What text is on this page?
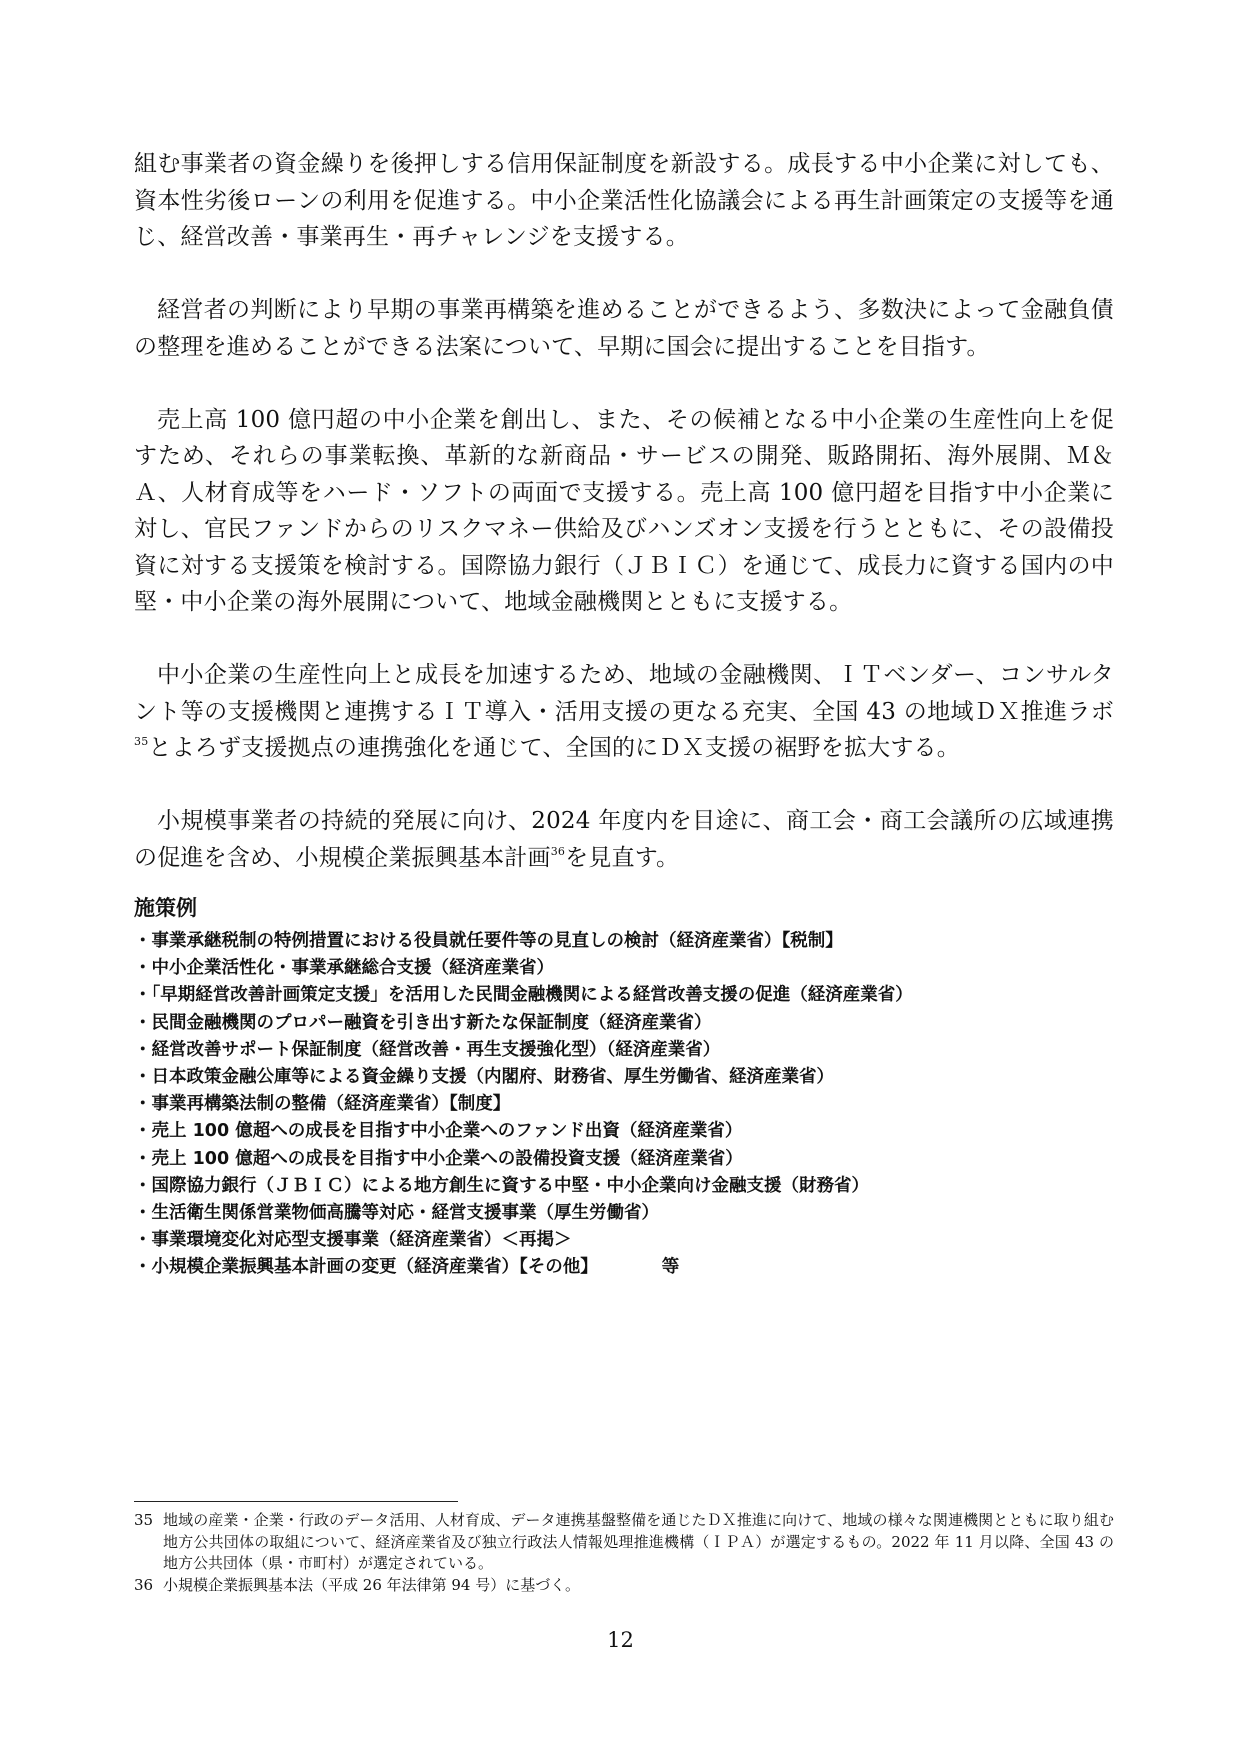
組む事業者の資金繰りを後押しする信用保証制度を新設する。成長する中小企業に対しても、資本性劣後ローンの利用を促進する。中小企業活性化協議会による再生計画策定の支援等を通じ、経営改善・事業再生・再チャレンジを支援する。

経営者の判断により早期の事業再構築を進めることができるよう、多数決によって金融負債の整理を進めることができる法案について、早期に国会に提出することを目指す。

売上高 100 億円超の中小企業を創出し、また、その候補となる中小企業の生産性向上を促すため、それらの事業転換、革新的な新商品・サービスの開発、販路開拓、海外展開、Ｍ＆Ａ、人材育成等をハード・ソフトの両面で支援する。売上高 100 億円超を目指す中小企業に対し、官民ファンドからのリスクマネー供給及びハンズオン支援を行うとともに、その設備投資に対する支援策を検討する。国際協力銀行（ＪＢＩＣ）を通じて、成長力に資する国内の中堅・中小企業の海外展開について、地域金融機関とともに支援する。

中小企業の生産性向上と成長を加速するため、地域の金融機関、ＩＴベンダー、コンサルタント等の支援機関と連携するＩＴ導入・活用支援の更なる充実、全国 43 の地域ＤＸ推進ラボ$^{35}$とよろず支援拠点の連携強化を通じて、全国的にＤＸ支援の裾野を拡大する。

小規模事業者の持続的発展に向け、2024 年度内を目途に、商工会・商工会議所の広域連携の促進を含め、小規模企業振興基本計画$^{36}$を見直す。

施策例
・事業承継税制の特例措置における役員就任要件等の見直しの検討（経済産業省）【税制】
・中小企業活性化・事業承継総合支援（経済産業省）
・「早期経営改善計画策定支援」を活用した民間金融機関による経営改善支援の促進（経済産業省）
・民間金融機関のプロパー融資を引き出す新たな保証制度（経済産業省）
・経営改善サポート保証制度（経営改善・再生支援強化型）（経済産業省）
・日本政策金融公庫等による資金繰り支援（内閣府、財務省、厚生労働省、経済産業省）
・事業再構築法制の整備（経済産業省）【制度】
・売上 100 億超への成長を目指す中小企業へのファンド出資（経済産業省）
・売上 100 億超への成長を目指す中小企業への設備投資支援（経済産業省）
・国際協力銀行（ＪＢＩＣ）による地方創生に資する中堅・中小企業向け金融支援（財務省）
・生活衛生関係営業物価高騰等対応・経営支援事業（厚生労働省）
・事業環境変化対応型支援事業（経済産業省）＜再掲＞
・小規模企業振興基本計画の変更（経済産業省）【その他】	等
35 地域の産業・企業・行政のデータ活用、人材育成、データ連携基盤整備を通じたＤＸ推進に向けて、地域の様々な関連機関とともに取り組む地方公共団体の取組について、経済産業省及び独立行政法人情報処理推進機構（ＩＰＡ）が選定するもの。2022 年 11 月以降、全国 43 の地方公共団体（県・市町村）が選定されている。
36 小規模企業振興基本法（平成 26 年法律第 94 号）に基づく。
12
